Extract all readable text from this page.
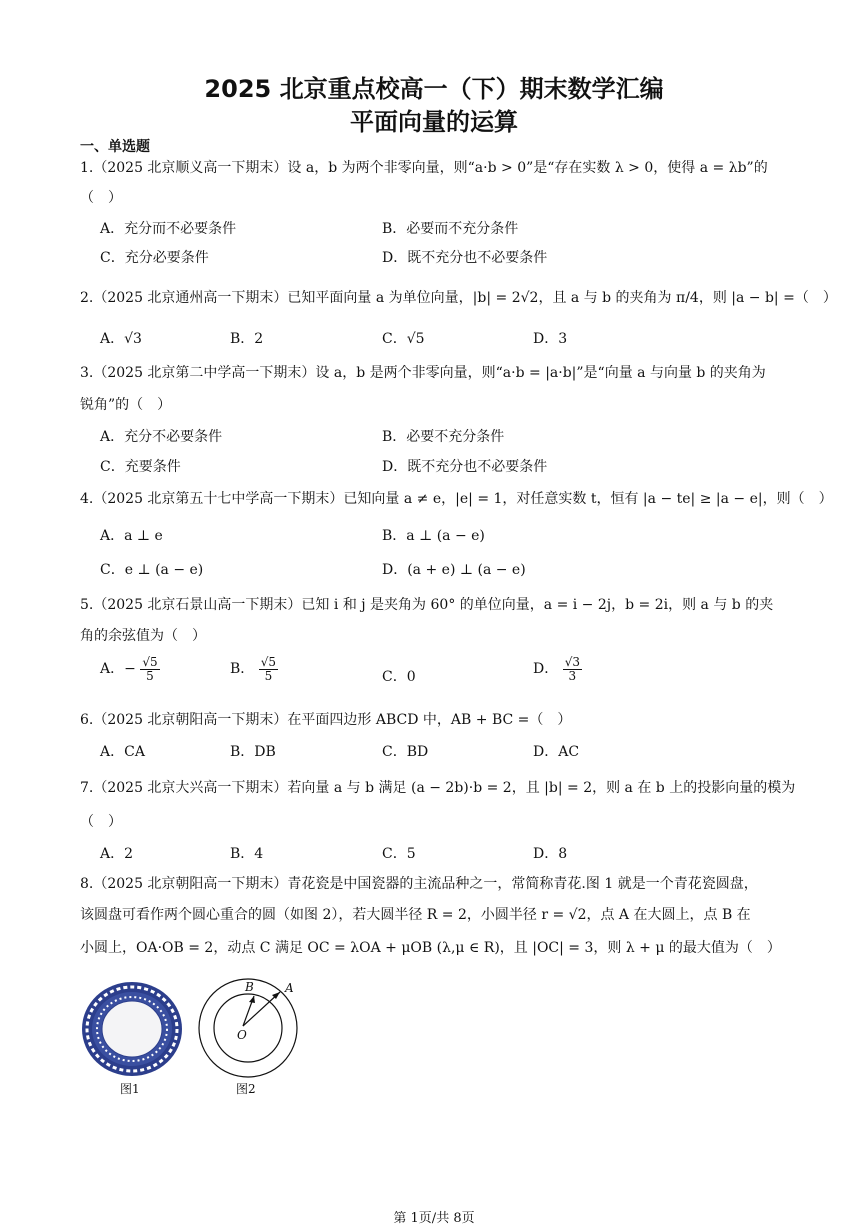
2025 北京重点校高一（下）期末数学汇编
平面向量的运算
一、单选题
1.（2025 北京顺义高一下期末）设 a，b 为两个非零向量，则“a·b > 0”是“存在实数 λ > 0，使得 a = λb”的
（　）
A．充分而不必要条件	B．必要而不充分条件
C．充分必要条件	D．既不充分也不必要条件
2.（2025 北京通州高一下期末）已知平面向量 a 为单位向量，|b| = 2√2，且 a 与 b 的夹角为 π/4，则 |a − b| =（　）
A．√3	B．2	C．√5	D．3
3.（2025 北京第二中学高一下期末）设 a，b 是两个非零向量，则“a·b = |a·b|”是“向量 a 与向量 b 的夹角为
锐角”的（　）
A．充分不必要条件	B．必要不充分条件
C．充要条件	D．既不充分也不必要条件
4.（2025 北京第五十七中学高一下期末）已知向量 a ≠ e，|e| = 1，对任意实数 t，恒有 |a − te| ≥ |a − e|，则（　）
A．a ⊥ e	B．a ⊥ (a − e)
C．e ⊥ (a − e)	D．(a + e) ⊥ (a − e)
5.（2025 北京石景山高一下期末）已知 i 和 j 是夹角为 60° 的单位向量，a = i − 2j，b = 2i，则 a 与 b 的夹
角的余弦值为（　）
A．− $\frac{√5}{5}$	B． $\frac{√5}{5}$	C．0	D． $\frac{√3}{3}$
6.（2025 北京朝阳高一下期末）在平面四边形 ABCD 中，AB + BC =（　）
A．CA	B．DB	C．BD	D．AC
7.（2025 北京大兴高一下期末）若向量 a 与 b 满足 (a − 2b)·b = 2，且 |b| = 2，则 a 在 b 上的投影向量的模为
（　）
A．2	B．4	C．5	D．8
8.（2025 北京朝阳高一下期末）青花瓷是中国瓷器的主流品种之一，常简称青花.图 1 就是一个青花瓷圆盘，
该圆盘可看作两个圆心重合的圆（如图 2），若大圆半径 R = 2，小圆半径 r = √2，点 A 在大圆上，点 B 在
小圆上，OA·OB = 2，动点 C 满足 OC = λOA + μOB (λ,μ ∈ R)，且 |OC| = 3，则 λ + μ 的最大值为（　）
图1
B	A
O
图2
第 1页/共 8页
